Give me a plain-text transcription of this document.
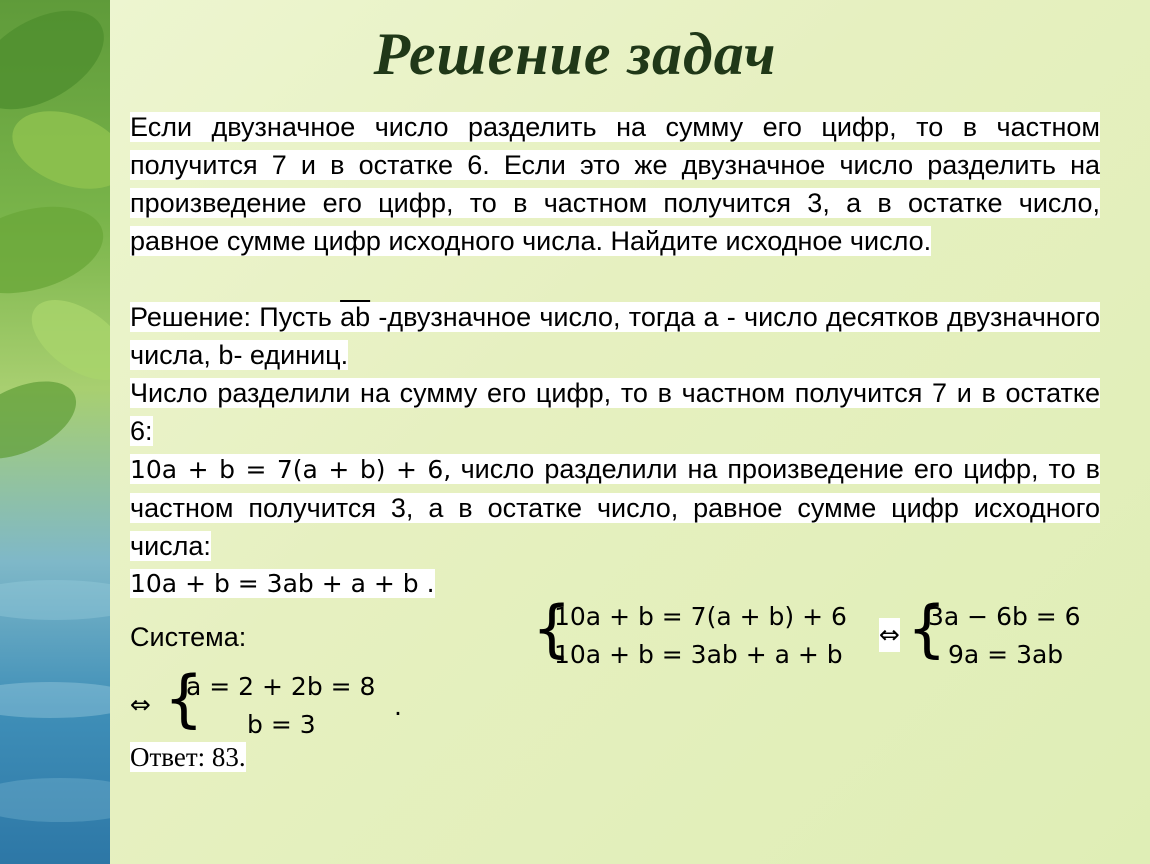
Решение задач
Если двузначное число разделить на сумму его цифр, то в частном получится 7 и в остатке 6. Если это же двузначное число разделить на произведение его цифр, то в частном получится 3, а в остатке число, равное сумме цифр исходного числа. Найдите исходное число.
Решение: Пусть $\overline{ab}$ -двузначное число, тогда a - число десятков двузначного числа, b- единиц.
Число разделили на сумму его цифр, то в частном получится 7 и в остатке 6:
10a + b = 7(a + b) + 6, число разделили на произведение его цифр, то в частном получится 3, а в остатке число, равное сумме цифр исходного числа:
10a + b = 3ab + a + b .
{
10a + b = 7(a + b) + 6
10a + b = 3ab + a + b
⇔ {
3a − 6b = 6
9a = 3ab
Система:
⇔ {
a = 2 + 2b = 8
b = 3
.
Ответ: 83.
